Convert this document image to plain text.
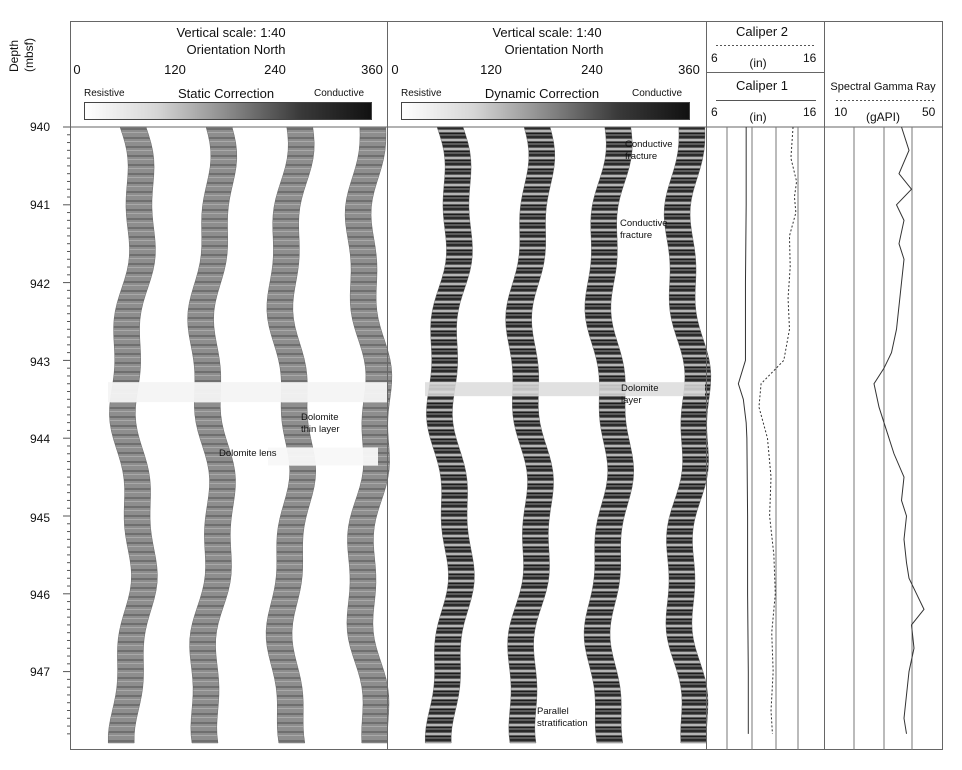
Depth (mbsf)
Vertical scale: 1:40
Orientation North
0	120	240	360
Resistive	Static Correction	Conductive
Vertical scale: 1:40
Orientation North
0	120	240	360
Resistive	Dynamic Correction	Conductive
Caliper 2
6	(in)	16
Caliper 1
6	(in)	16
Spectral Gamma Ray
10 (gAPI) 50
940
941
942
943
944
945
946
947
Dolomite lens
Dolomite thin layer
Conductive fracture
Conductive fracture
Dolomite layer
Parallel stratification
